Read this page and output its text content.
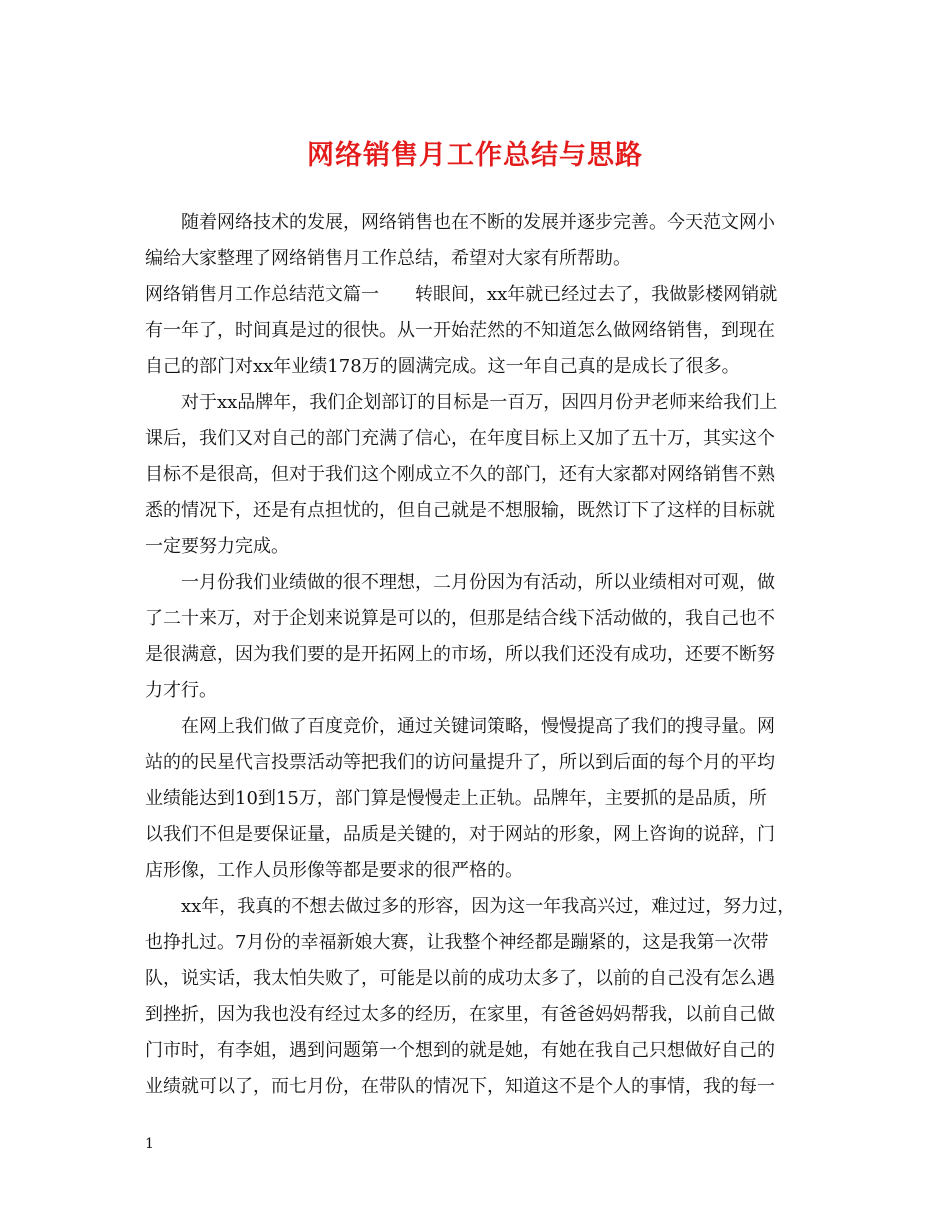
网络销售月工作总结与思路
随着网络技术的发展，网络销售也在不断的发展并逐步完善。今天范文网小
编给大家整理了网络销售月工作总结，希望对大家有所帮助。
网络销售月工作总结范文篇一　　转眼间，xx年就已经过去了，我做影楼网销就
有一年了，时间真是过的很快。从一开始茫然的不知道怎么做网络销售，到现在
自己的部门对xx年业绩178万的圆满完成。这一年自己真的是成长了很多。
对于xx品牌年，我们企划部订的目标是一百万，因四月份尹老师来给我们上
课后，我们又对自己的部门充满了信心，在年度目标上又加了五十万，其实这个
目标不是很高，但对于我们这个刚成立不久的部门，还有大家都对网络销售不熟
悉的情况下，还是有点担忧的，但自己就是不想服输，既然订下了这样的目标就
一定要努力完成。
一月份我们业绩做的很不理想，二月份因为有活动，所以业绩相对可观，做
了二十来万，对于企划来说算是可以的，但那是结合线下活动做的，我自己也不
是很满意，因为我们要的是开拓网上的市场，所以我们还没有成功，还要不断努
力才行。
在网上我们做了百度竞价，通过关键词策略，慢慢提高了我们的搜寻量。网
站的的民星代言投票活动等把我们的访问量提升了，所以到后面的每个月的平均
业绩能达到10到15万，部门算是慢慢走上正轨。品牌年，主要抓的是品质，所
以我们不但是要保证量，品质是关键的，对于网站的形象，网上咨询的说辞，门
店形像，工作人员形像等都是要求的很严格的。
xx年，我真的不想去做过多的形容，因为这一年我高兴过，难过过，努力过，
也挣扎过。7月份的幸福新娘大赛，让我整个神经都是蹦紧的，这是我第一次带
队，说实话，我太怕失败了，可能是以前的成功太多了，以前的自己没有怎么遇
到挫折，因为我也没有经过太多的经历，在家里，有爸爸妈妈帮我，以前自己做
门市时，有李姐，遇到问题第一个想到的就是她，有她在我自己只想做好自己的
业绩就可以了，而七月份，在带队的情况下，知道这不是个人的事情，我的每一
1
